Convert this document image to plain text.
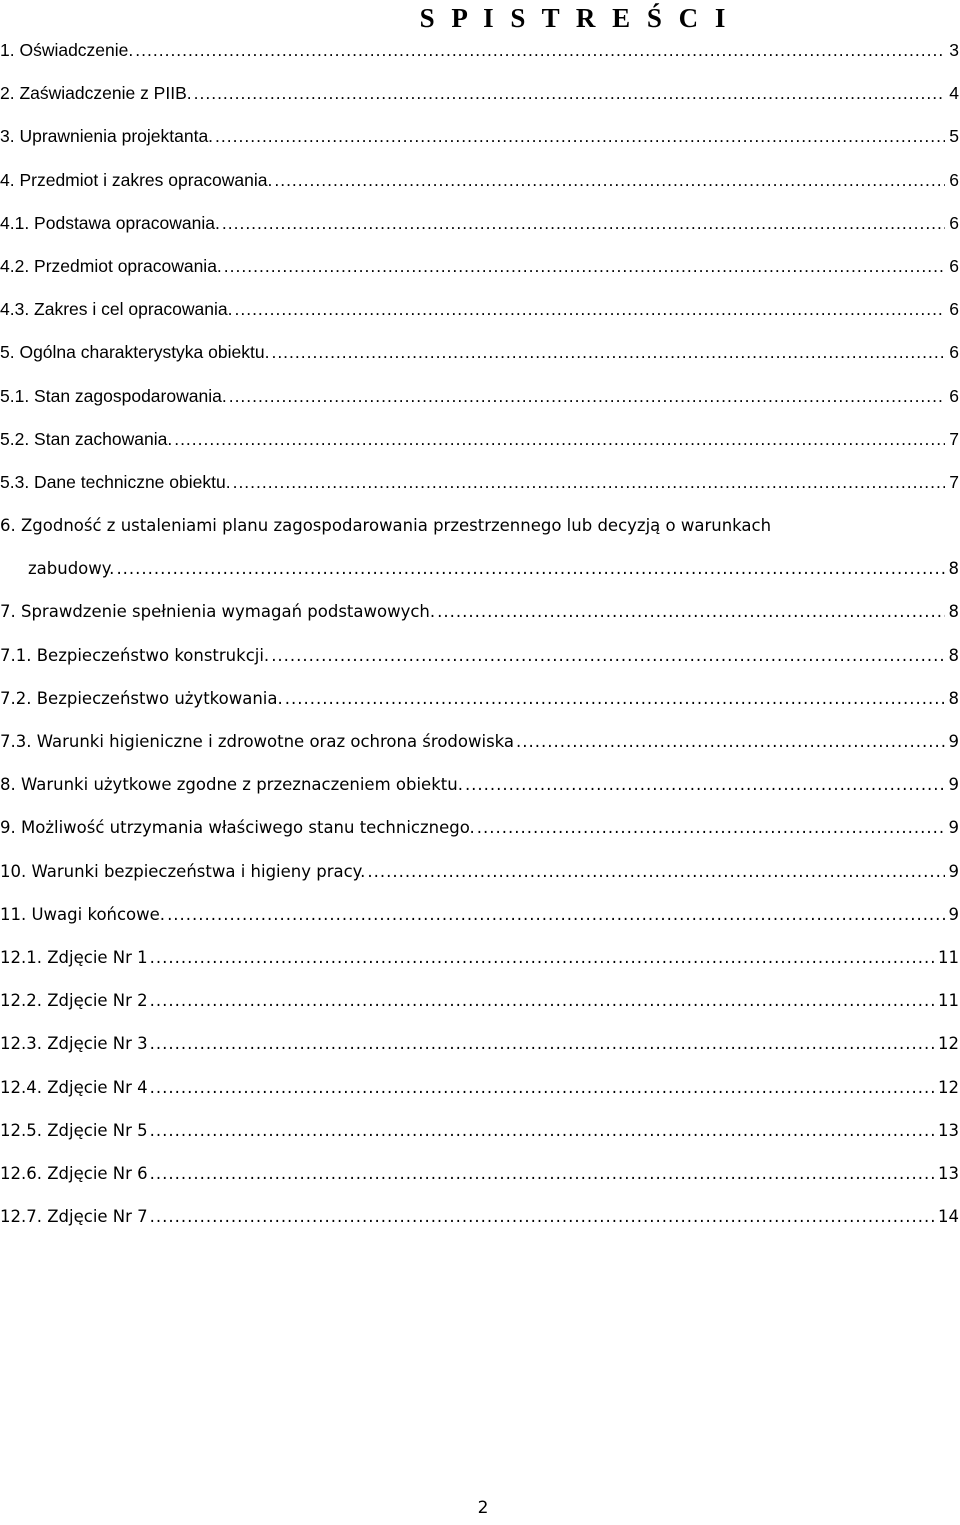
S P I S T R E Ś C I
1. Oświadczenie. .....	3
2. Zaświadczenie z PIIB. .....	4
3. Uprawnienia projektanta. .....	5
4. Przedmiot i zakres opracowania. .....	6
4.1. Podstawa opracowania. .....	6
4.2. Przedmiot opracowania. .....	6
4.3. Zakres i cel opracowania. .....	6
5. Ogólna charakterystyka obiektu. .....	6
5.1. Stan zagospodarowania. .....	6
5.2. Stan zachowania. .....	7
5.3. Dane techniczne obiektu. .....	7
6. Zgodność z ustaleniami planu zagospodarowania przestrzennego lub decyzją o warunkach
zabudowy. .....	8
7. Sprawdzenie spełnienia wymagań podstawowych. .....	8
7.1. Bezpieczeństwo konstrukcji. .....	8
7.2. Bezpieczeństwo użytkowania. .....	8
7.3. Warunki higieniczne i zdrowotne oraz ochrona środowiska .....	9
8. Warunki użytkowe zgodne z przeznaczeniem obiektu. .....	9
9. Możliwość utrzymania właściwego stanu technicznego. .....	9
10. Warunki bezpieczeństwa i higieny pracy. .....	9
11. Uwagi końcowe. .....	9
12.1. Zdjęcie Nr 1 .....	11
12.2. Zdjęcie Nr 2 .....	11
12.3. Zdjęcie Nr 3 .....	12
12.4. Zdjęcie Nr 4 .....	12
12.5. Zdjęcie Nr 5 .....	13
12.6. Zdjęcie Nr 6 .....	13
12.7. Zdjęcie Nr 7 .....	14
2
